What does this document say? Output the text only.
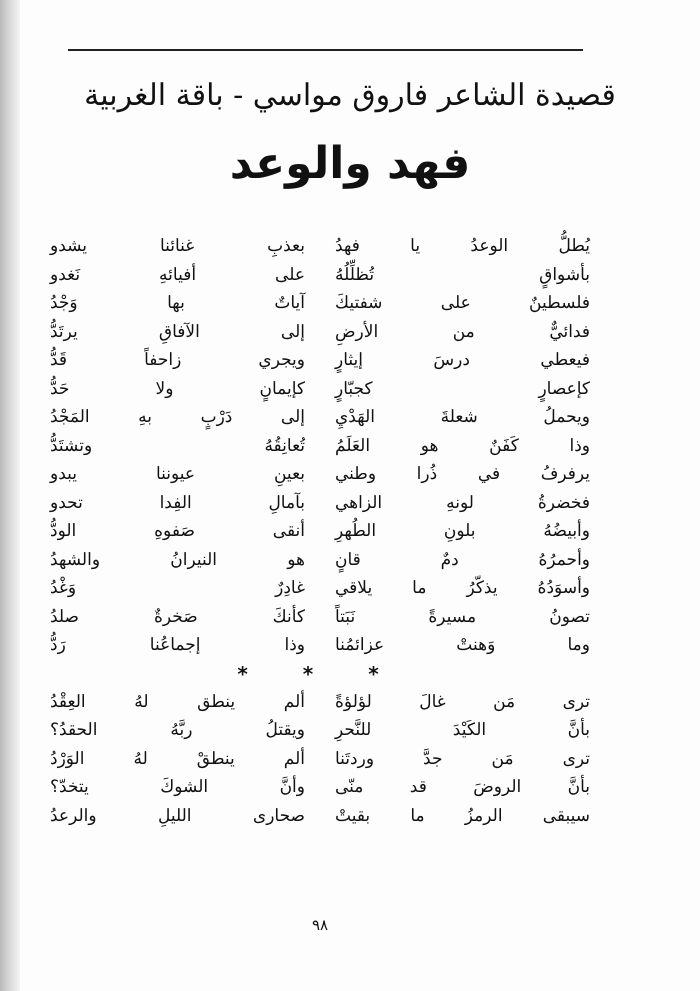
قصيدة الشاعر فاروق مواسي - باقة الغربية
فهد والوعد
يُطلُّ الوعدُ يا فهدُ
بعذبِ غنائنا يشدو
بأشواقٍ تُظلِّلُهُ
على أفيائهِ نَغدو
فلسطينٌ على شفتيكَ
آياتٌ بها وَجْدُ
فدائيٌّ من الأرضِ
إلى الآفاقِ يرتَدُّ
فيعطي درسَ إيثارٍ
ويجري زاحفاً قَدُّ
كإعصارٍ كجبّارٍ
كإيمانٍ ولا حَدُّ
ويحملُ شعلةَ الهَدْيِ
إلى دَرْبٍ بهِ المَجْدُ
وذا كَفَنٌ هو العَلَمُ
تُعانِقُهُ وتشتَدُّ
يرفرفُ في ذُرا وطني
بعينِ عيوننا يبدو
فخضرةُ لونهِ الزاهي
بآمالِ الفِدا تحدو
وأبيضُهُ بلونِ الطُهرِ
أنقى صَفوهِ الودُّ
وأحمرُهُ دمٌ قانٍ
هو النيرانُ والشهدُ
وأسوَدُهُ يذكّرُ ما يلاقي
غادِرٌ وَغْدُ
تصونُ مسيرةً نَبَتاً
كأنكَ صَخرةٌ صلدُ
وما وَهنتْ عزائمُنا
وذا إجماعُنا رَدُّ
* * *
ترى مَن غالَ لؤلؤةً
ألم ينطق لهُ العِقْدُ
بأنَّ الكَيْدَ للنَّحرِ
ويقتلُ ربَّهُ الحقدُ؟
ترى مَن جدَّ وردتَنا
ألم ينطقْ لهُ الوَرْدُ
بأنَّ الروضَ قد منّى
وأنَّ الشوكَ يتخدّ؟
سيبقى الرمزُ ما بقيتْ
صحارى الليلِ والرعدُ
٩٨
